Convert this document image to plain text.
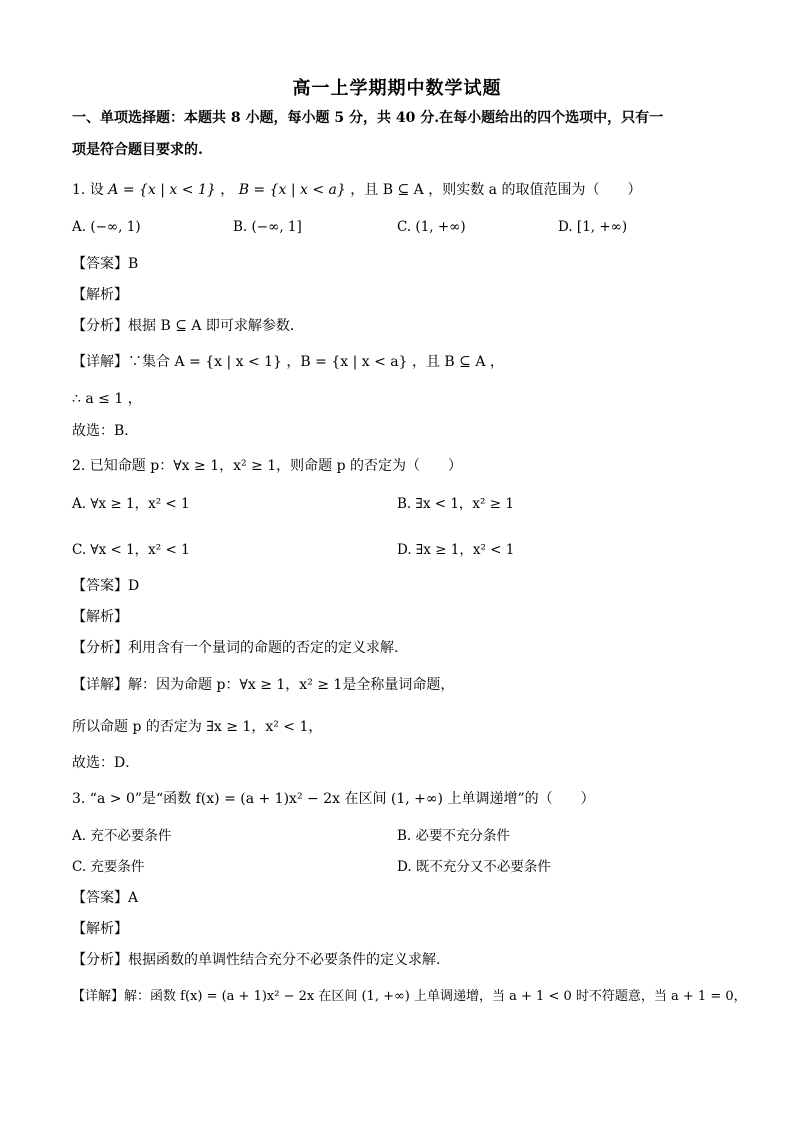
高一上学期期中数学试题
一、单项选择题：本题共 8 小题，每小题 5 分，共 40 分.在每小题给出的四个选项中，只有一
项是符合题目要求的.
1. 设 A = {x | x < 1} ， B = {x | x < a} ，且 B ⊆ A ，则实数 a 的取值范围为（　　）
A. (−∞, 1)	B. (−∞, 1]	C. (1, +∞)	D. [1, +∞)
【答案】B
【解析】
【分析】根据 B ⊆ A 即可求解参数．
【详解】∵集合 A = {x | x < 1} ，B = {x | x < a} ，且 B ⊆ A ，
∴ a ≤ 1 ，
故选：B．
2. 已知命题 p：∀x ≥ 1，x² ≥ 1，则命题 p 的否定为（　　）
A. ∀x ≥ 1，x² < 1	B. ∃x < 1，x² ≥ 1
C. ∀x < 1，x² < 1	D. ∃x ≥ 1，x² < 1
【答案】D
【解析】
【分析】利用含有一个量词的命题的否定的定义求解.
【详解】解：因为命题 p：∀x ≥ 1，x² ≥ 1是全称量词命题，
所以命题 p 的否定为 ∃x ≥ 1，x² < 1，
故选：D．
3. “a > 0”是“函数 f(x) = (a + 1)x² − 2x 在区间 (1, +∞) 上单调递增”的（　　）
A. 充不必要条件	B. 必要不充分条件
C. 充要条件	D. 既不充分又不必要条件
【答案】A
【解析】
【分析】根据函数的单调性结合充分不必要条件的定义求解.
【详解】解：函数 f(x) = (a + 1)x² − 2x 在区间 (1, +∞) 上单调递增，当 a + 1 < 0 时不符题意，当 a + 1 = 0，
